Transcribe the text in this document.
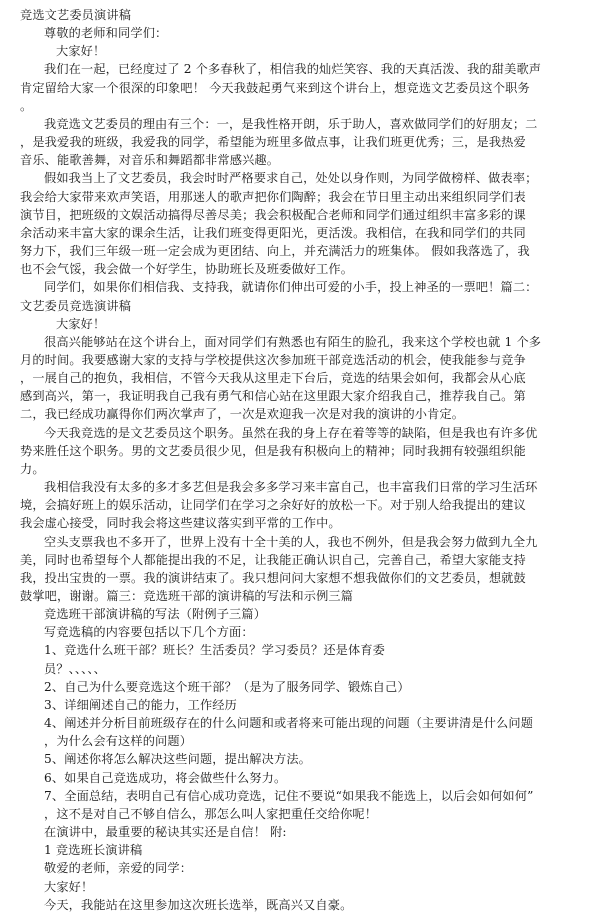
竞选文艺委员演讲稿
尊敬的老师和同学们：
大家好！
我们在一起，已经度过了 2 个多春秋了，相信我的灿烂笑容、我的天真活泼、我的甜美歌声
肯定留给大家一个很深的印象吧！ 今天我鼓起勇气来到这个讲台上，想竞选文艺委员这个职务
。
我竞选文艺委员的理由有三个：一，是我性格开朗，乐于助人，喜欢做同学们的好朋友；二
，是我爱我的班级，我爱我的同学，希望能为班里多做点事，让我们班更优秀；三，是我热爱
音乐、能歌善舞，对音乐和舞蹈都非常感兴趣。
假如我当上了文艺委员，我会时时严格要求自己，处处以身作则，为同学做榜样、做表率；
我会给大家带来欢声笑语，用那迷人的歌声把你们陶醉；我会在节日里主动出来组织同学们表
演节目，把班级的文娱活动搞得尽善尽美；我会积极配合老师和同学们通过组织丰富多彩的课
余活动来丰富大家的课余生活，让我们班变得更阳光，更活泼。我相信，在我和同学们的共同
努力下，我们三年级一班一定会成为更团结、向上，并充满活力的班集体。 假如我落选了，我
也不会气馁，我会做一个好学生，协助班长及班委做好工作。
同学们，如果你们相信我、支持我，就请你们伸出可爱的小手，投上神圣的一票吧！篇二：
文艺委员竞选演讲稿
大家好！
很高兴能够站在这个讲台上，面对同学们有熟悉也有陌生的脸孔，我来这个学校也就 1 个多
月的时间。我要感谢大家的支持与学校提供这次参加班干部竞选活动的机会，使我能参与竞争
，一展自己的抱负，我相信，不管今天我从这里走下台后，竞选的结果会如何，我都会从心底
感到高兴，第一，我证明我自己我有勇气和信心站在这里跟大家介绍我自己，推荐我自己。第
二，我已经成功赢得你们两次掌声了，一次是欢迎我一次是对我的演讲的小肯定。
今天我竞选的是文艺委员这个职务。虽然在我的身上存在着等等的缺陷，但是我也有许多优
势来胜任这个职务。男的文艺委员很少见，但是我有积极向上的精神；同时我拥有较强组织能
力。
我相信我没有太多的多才多艺但是我会多多学习来丰富自己，也丰富我们日常的学习生活环
境，会搞好班上的娱乐活动，让同学们在学习之余好好的放松一下。对于别人给我提出的建议
我会虚心接受，同时我会将这些建议落实到平常的工作中。
空头支票我也不多开了，世界上没有十全十美的人，我也不例外，但是我会努力做到九全九
美，同时也希望每个人都能提出我的不足，让我能正确认识自己，完善自己，希望大家能支持
我，投出宝贵的一票。我的演讲结束了。我只想问问大家想不想我做你们的文艺委员，想就鼓
鼓掌吧，谢谢。篇三：竞选班干部的演讲稿的写法和示例三篇
竞选班干部演讲稿的写法（附例子三篇）
写竞选稿的内容要包括以下几个方面：
1、竞选什么班干部？班长？生活委员？学习委员？还是体育委
员？、、、、、
2、自己为什么要竞选这个班干部？（是为了服务同学、锻炼自己）
3、详细阐述自己的能力，工作经历
4、阐述并分析目前班级存在的什么问题和或者将来可能出现的问题（主要讲清是什么问题
，为什么会有这样的问题）
5、阐述你将怎么解决这些问题，提出解决方法。
6、如果自己竞选成功，将会做些什么努力。
7、全面总结，表明自己有信心成功竞选，记住不要说“如果我不能选上，以后会如何如何”
，这不是对自己不够自信么，那怎么叫人家把重任交给你呢！
在演讲中，最重要的秘诀其实还是自信！ 附:
1 竞选班长演讲稿
敬爱的老师，亲爱的同学：
大家好！
今天，我能站在这里参加这次班长选举，既高兴又自豪。
